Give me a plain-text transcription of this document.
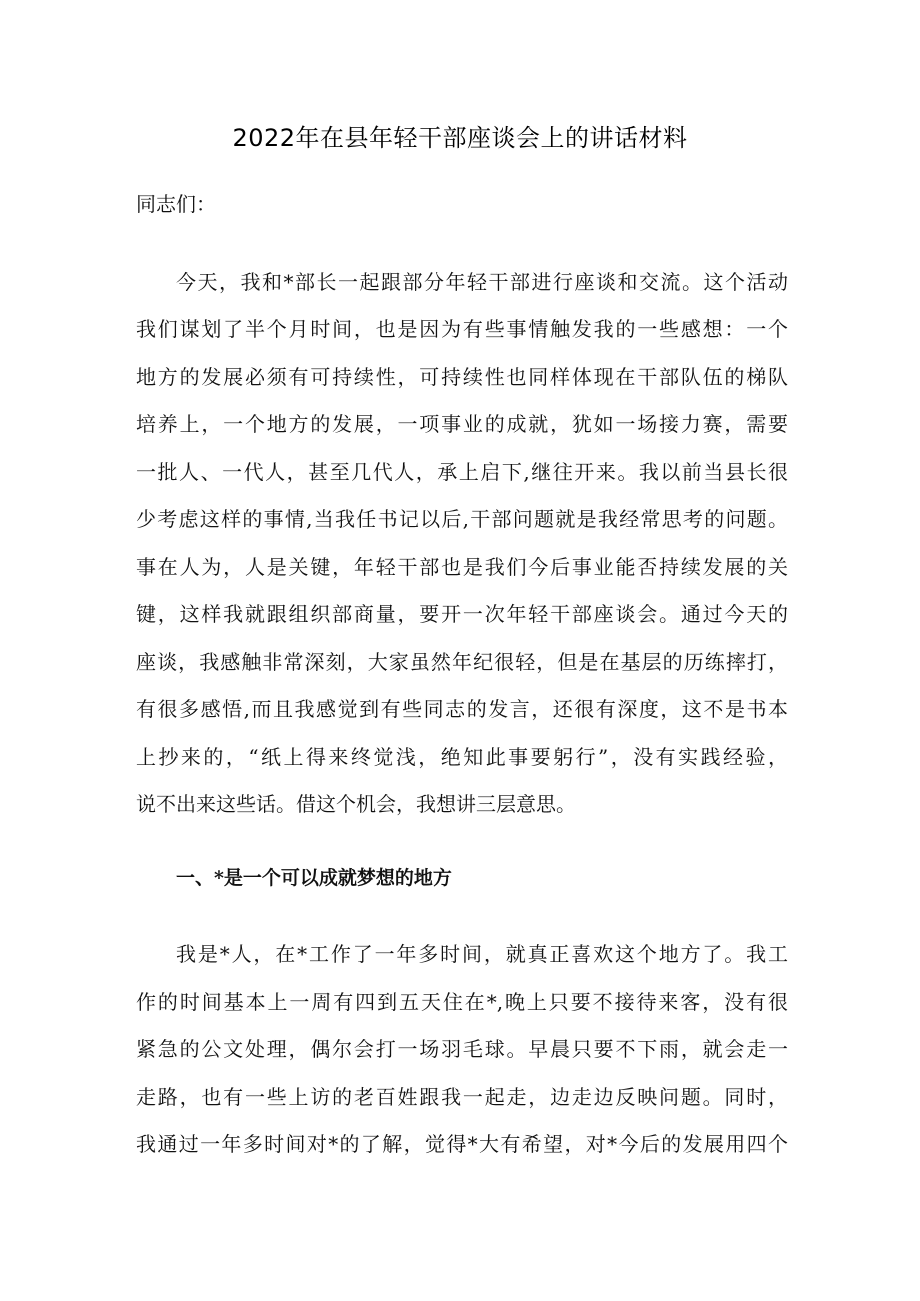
2022年在县年轻干部座谈会上的讲话材料
同志们：
今天，我和*部长一起跟部分年轻干部进行座谈和交流。这个活动
我们谋划了半个月时间，也是因为有些事情触发我的一些感想：一个
地方的发展必须有可持续性，可持续性也同样体现在干部队伍的梯队
培养上，一个地方的发展，一项事业的成就，犹如一场接力赛，需要
一批人、一代人，甚至几代人，承上启下,继往开来。我以前当县长很
少考虑这样的事情,当我任书记以后,干部问题就是我经常思考的问题。
事在人为，人是关键，年轻干部也是我们今后事业能否持续发展的关
键，这样我就跟组织部商量，要开一次年轻干部座谈会。通过今天的
座谈，我感触非常深刻，大家虽然年纪很轻，但是在基层的历练摔打，
有很多感悟,而且我感觉到有些同志的发言，还很有深度，这不是书本
上抄来的，“纸上得来终觉浅，绝知此事要躬行”，没有实践经验，
说不出来这些话。借这个机会，我想讲三层意思。
一、*是一个可以成就梦想的地方
我是*人，在*工作了一年多时间，就真正喜欢这个地方了。我工
作的时间基本上一周有四到五天住在*,晚上只要不接待来客，没有很
紧急的公文处理，偶尔会打一场羽毛球。早晨只要不下雨，就会走一
走路，也有一些上访的老百姓跟我一起走，边走边反映问题。同时，
我通过一年多时间对*的了解，觉得*大有希望，对*今后的发展用四个
